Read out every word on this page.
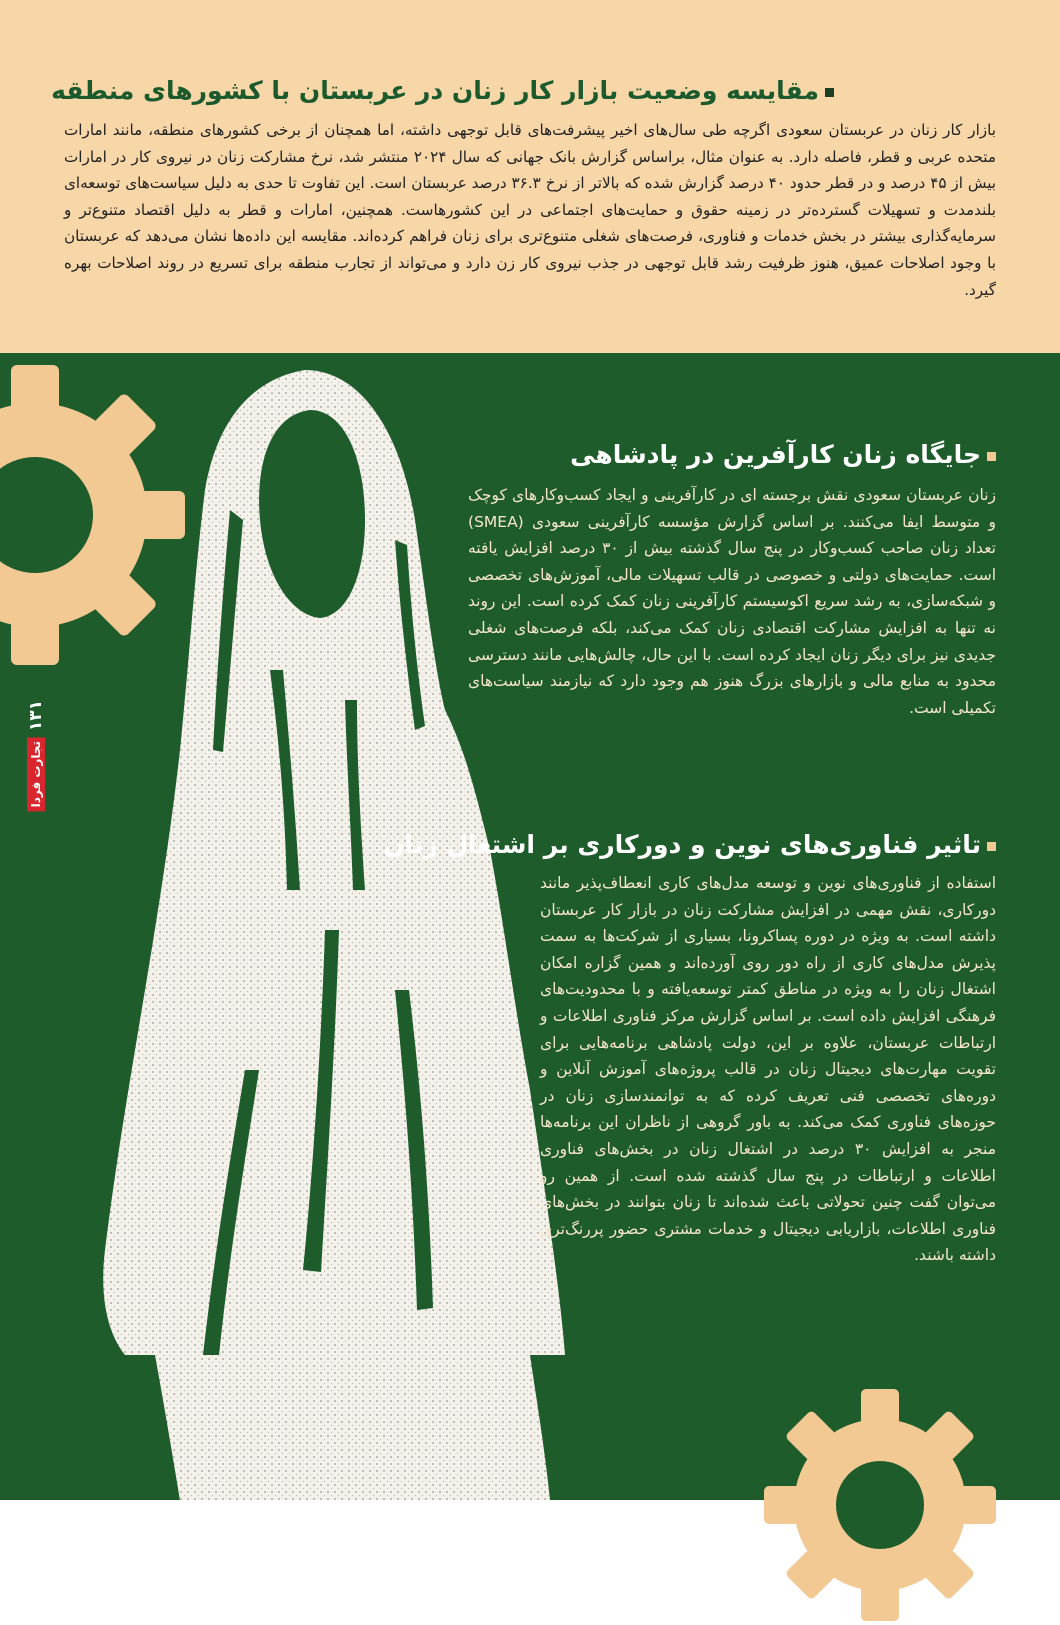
مقایسه وضعیت بازار کار زنان در عربستان با کشورهای منطقه

بازار کار زنان در عربستان سعودی اگرچه طی سال‌های اخیر پیشرفت‌های قابل توجهی داشته، اما همچنان از برخی کشورهای منطقه، مانند امارات متحده عربی و قطر، فاصله دارد. به عنوان مثال، براساس گزارش بانک جهانی که سال ۲۰۲۴ منتشر شد، نرخ مشارکت زنان در نیروی کار در امارات بیش از ۴۵ درصد و در قطر حدود ۴۰ درصد گزارش شده که بالاتر از نرخ ۳۶.۳ درصد عربستان است. این تفاوت تا حدی به دلیل سیاست‌های توسعه‌ای بلندمدت و تسهیلات گسترده‌تر در زمینه حقوق و حمایت‌های اجتماعی در این کشورهاست. همچنین، امارات و قطر به دلیل اقتصاد متنوع‌تر و سرمایه‌گذاری بیشتر در بخش خدمات و فناوری، فرصت‌های شغلی متنوع‌تری برای زنان فراهم کرده‌اند. مقایسه این داده‌ها نشان می‌دهد که عربستان با وجود اصلاحات عمیق، هنوز ظرفیت رشد قابل توجهی در جذب نیروی کار زن دارد و می‌تواند از تجارب منطقه برای تسریع در روند اصلاحات بهره گیرد.

جایگاه زنان کارآفرین در پادشاهی

زنان عربستان سعودی نقش برجسته ای در کارآفرینی و ایجاد کسب‌وکارهای کوچک و متوسط ایفا می‌کنند. بر اساس گزارش مؤسسه کارآفرینی سعودی (SMEA) تعداد زنان صاحب کسب‌وکار در پنج سال گذشته بیش از ۳۰ درصد افزایش یافته است. حمایت‌های دولتی و خصوصی در قالب تسهیلات مالی، آموزش‌های تخصصی و شبکه‌سازی، به رشد سریع اکوسیستم کارآفرینی زنان کمک کرده است. این روند نه تنها به افزایش مشارکت اقتصادی زنان کمک می‌کند، بلکه فرصت‌های شغلی جدیدی نیز برای دیگر زنان ایجاد کرده است. با این حال، چالش‌هایی مانند دسترسی محدود به منابع مالی و بازارهای بزرگ هنوز هم وجود دارد که نیازمند سیاست‌های تکمیلی است.

تاثیر فناوری‌های نوین و دورکاری بر اشتغال زنان

استفاده از فناوری‌های نوین و توسعه مدل‌های کاری انعطاف‌پذیر مانند دورکاری، نقش مهمی در افزایش مشارکت زنان در بازار کار عربستان داشته است. به ویژه در دوره پساکرونا، بسیاری از شرکت‌ها به سمت پذیرش مدل‌های کاری از راه دور روی آورده‌اند و همین گزاره امکان اشتغال زنان را به ویژه در مناطق کمتر توسعه‌یافته و با محدودیت‌های فرهنگی افزایش داده است. بر اساس گزارش مرکز فناوری اطلاعات و ارتباطات عربستان، علاوه بر این، دولت پادشاهی برنامه‌هایی برای تقویت مهارت‌های دیجیتال زنان در قالب پروژه‌های آموزش آنلاین و دوره‌های تخصصی فنی تعریف کرده که به توانمندسازی زنان در حوزه‌های فناوری کمک می‌کند. به باور گروهی از ناظران این برنامه‌ها منجر به افزایش ۳۰ درصد در اشتغال زنان در بخش‌های فناوری اطلاعات و ارتباطات در پنج سال گذشته شده است. از همین رو می‌توان گفت چنین تحولاتی باعث شده‌اند تا زنان بتوانند در بخش‌های فناوری اطلاعات، بازاریابی دیجیتال و خدمات مشتری حضور پررنگ‌تری داشته باشند.

۱۳۱
تجارت فردا
